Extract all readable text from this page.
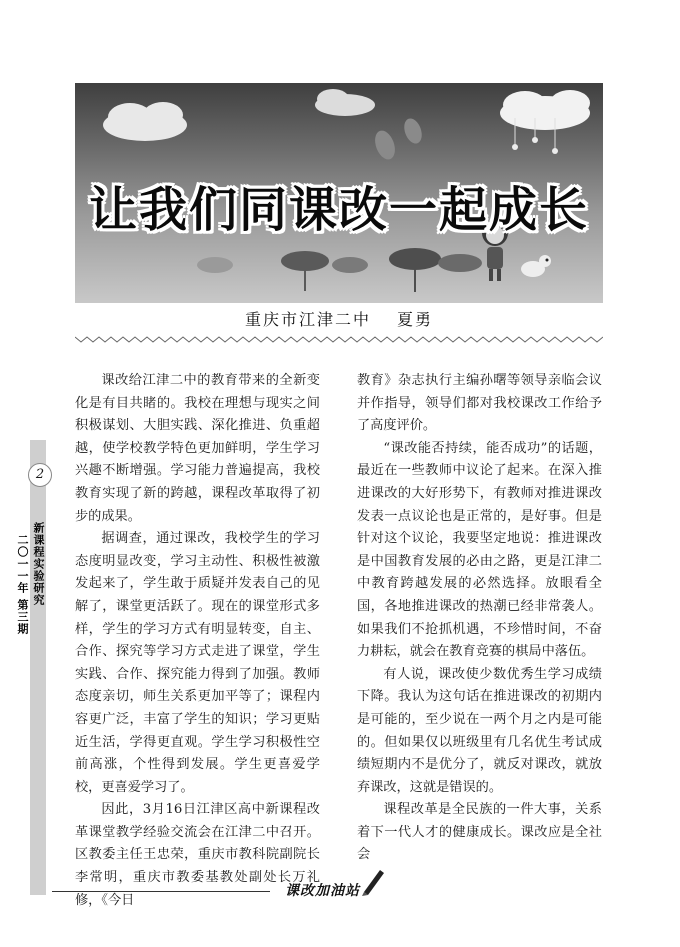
2
新课程实验研究
二〇一一年 第三期
让我们同课改一起成长
重庆市江津二中 夏勇

课改给江津二中的教育带来的全新变化是有目共睹的。我校在理想与现实之间积极谋划、大胆实践、深化推进、负重超越，使学校教学特色更加鲜明，学生学习兴趣不断增强。学习能力普遍提高，我校教育实现了新的跨越，课程改革取得了初步的成果。

据调查，通过课改，我校学生的学习态度明显改变，学习主动性、积极性被激发起来了，学生敢于质疑并发表自己的见解了，课堂更活跃了。现在的课堂形式多样，学生的学习方式有明显转变，自主、合作、探究等学习方式走进了课堂，学生实践、合作、探究能力得到了加强。教师态度亲切，师生关系更加平等了；课程内容更广泛，丰富了学生的知识；学习更贴近生活，学得更直观。学生学习积极性空前高涨，个性得到发展。学生更喜爱学校，更喜爱学习了。

因此，3月16日江津区高中新课程改革课堂教学经验交流会在江津二中召开。区教委主任王忠荣，重庆市教科院副院长李常明，重庆市教委基教处副处长万礼修，《今日

教育》杂志执行主编孙曙等领导亲临会议并作指导，领导们都对我校课改工作给予了高度评价。

“课改能否持续，能否成功”的话题，最近在一些教师中议论了起来。在深入推进课改的大好形势下，有教师对推进课改发表一点议论也是正常的，是好事。但是针对这个议论，我要坚定地说：推进课改是中国教育发展的必由之路，更是江津二中教育跨越发展的必然选择。放眼看全国，各地推进课改的热潮已经非常袭人。如果我们不抢抓机遇，不珍惜时间，不奋力耕耘，就会在教育竞赛的棋局中落伍。

有人说，课改使少数优秀生学习成绩下降。我认为这句话在推进课改的初期内是可能的，至少说在一两个月之内是可能的。但如果仅以班级里有几名优生考试成绩短期内不是优分了，就反对课改，就放弃课改，这就是错误的。

课程改革是全民族的一件大事，关系着下一代人才的健康成长。课改应是全社会

课改加油站
